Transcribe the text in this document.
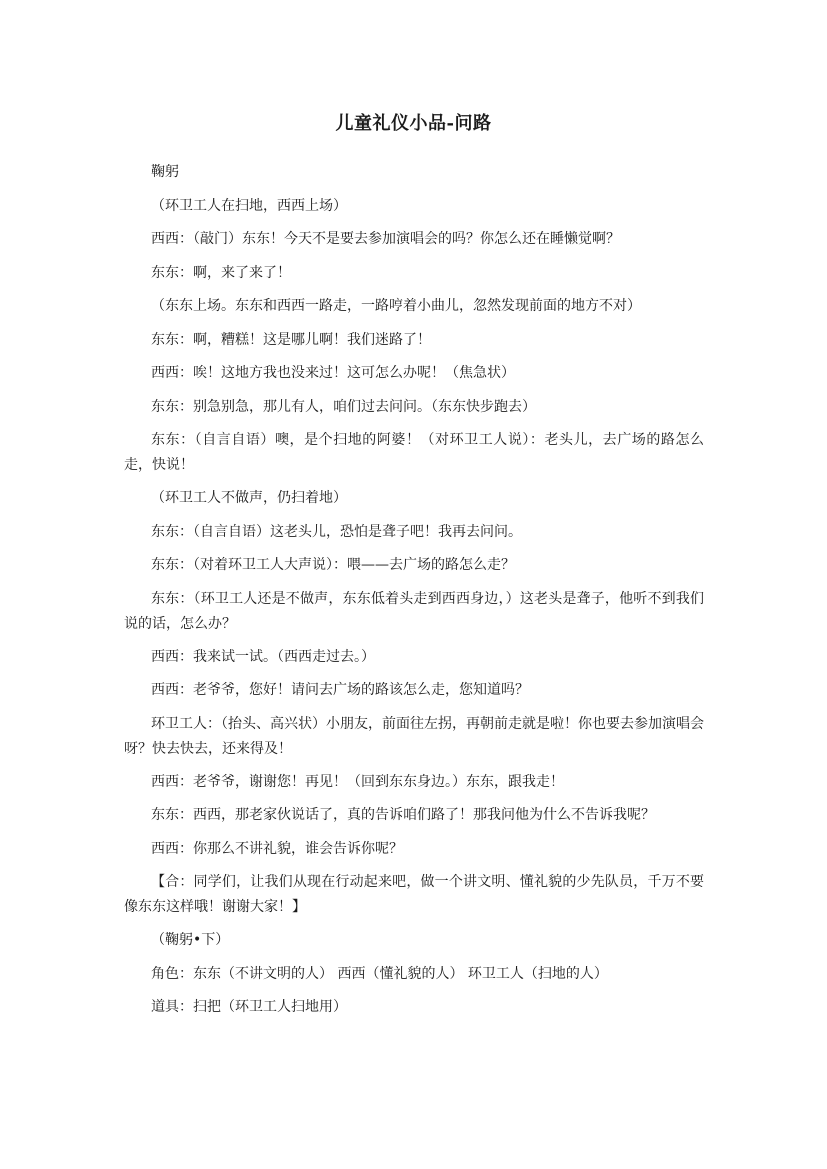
儿童礼仪小品-问路

鞠躬

（环卫工人在扫地，西西上场）

西西：（敲门）东东！今天不是要去参加演唱会的吗？你怎么还在睡懒觉啊？

东东：啊，来了来了！

（东东上场。东东和西西一路走，一路哼着小曲儿，忽然发现前面的地方不对）

东东：啊，糟糕！这是哪儿啊！我们迷路了！

西西：唉！这地方我也没来过！这可怎么办呢！（焦急状）

东东：别急别急，那儿有人，咱们过去问问。（东东快步跑去）

东东：（自言自语）噢，是个扫地的阿婆！（对环卫工人说）：老头儿，去广场的路怎么走，快说！

（环卫工人不做声，仍扫着地）

东东：（自言自语）这老头儿，恐怕是聋子吧！我再去问问。

东东：（对着环卫工人大声说）：喂——去广场的路怎么走？

东东：（环卫工人还是不做声，东东低着头走到西西身边，）这老头是聋子，他听不到我们说的话，怎么办？

西西：我来试一试。（西西走过去。）

西西：老爷爷，您好！请问去广场的路该怎么走，您知道吗？

环卫工人：（抬头、高兴状）小朋友，前面往左拐，再朝前走就是啦！你也要去参加演唱会呀？快去快去，还来得及！

西西：老爷爷，谢谢您！再见！（回到东东身边。）东东，跟我走！

东东：西西，那老家伙说话了，真的告诉咱们路了！那我问他为什么不告诉我呢？

西西：你那么不讲礼貌，谁会告诉你呢？

【合：同学们，让我们从现在行动起来吧，做一个讲文明、懂礼貌的少先队员，千万不要像东东这样哦！谢谢大家！】

（鞠躬•下）

角色：东东（不讲文明的人） 西西（懂礼貌的人） 环卫工人（扫地的人）

道具：扫把（环卫工人扫地用）
